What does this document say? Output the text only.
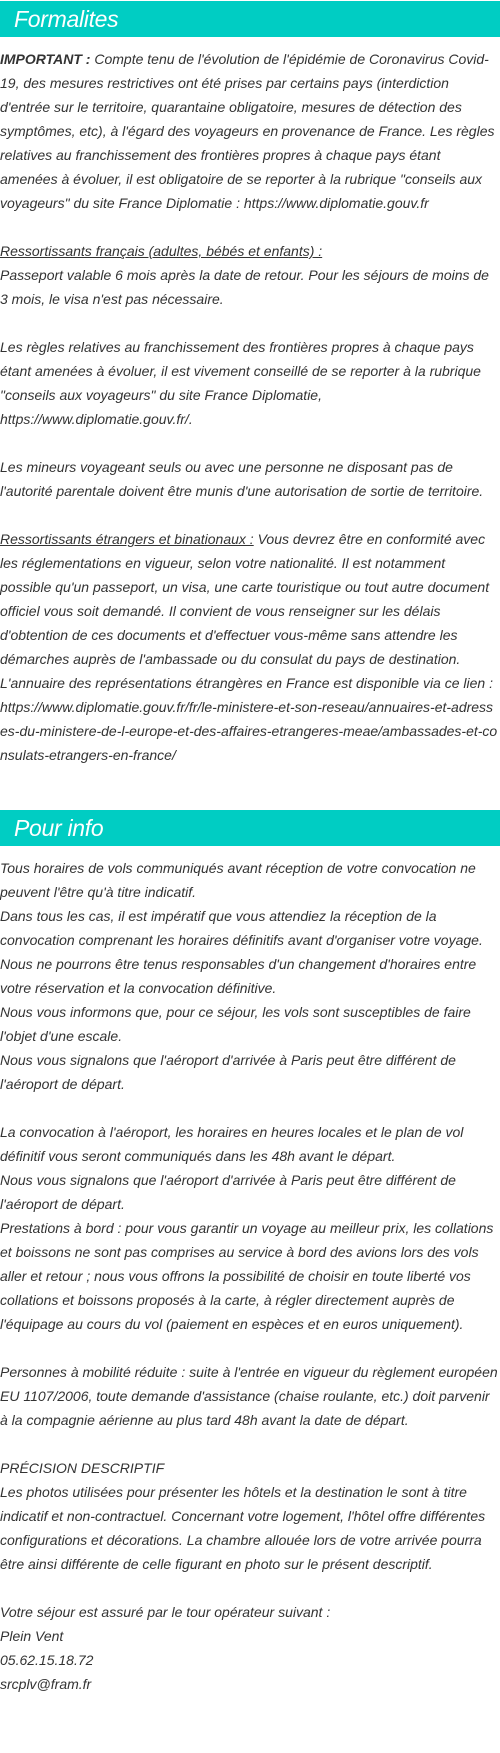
Formalites

IMPORTANT : Compte tenu de l'évolution de l'épidémie de Coronavirus Covid-19, des mesures restrictives ont été prises par certains pays (interdiction d'entrée sur le territoire, quarantaine obligatoire, mesures de détection des symptômes, etc), à l'égard des voyageurs en provenance de France. Les règles relatives au franchissement des frontières propres à chaque pays étant amenées à évoluer, il est obligatoire de se reporter à la rubrique "conseils aux voyageurs" du site France Diplomatie : https://www.diplomatie.gouv.fr

Ressortissants français (adultes, bébés et enfants) :
Passeport valable 6 mois après la date de retour. Pour les séjours de moins de 3 mois, le visa n'est pas nécessaire.

Les règles relatives au franchissement des frontières propres à chaque pays étant amenées à évoluer, il est vivement conseillé de se reporter à la rubrique "conseils aux voyageurs" du site France Diplomatie, https://www.diplomatie.gouv.fr/.

Les mineurs voyageant seuls ou avec une personne ne disposant pas de l'autorité parentale doivent être munis d'une autorisation de sortie de territoire.

Ressortissants étrangers et binationaux : Vous devrez être en conformité avec les réglementations en vigueur, selon votre nationalité. Il est notamment possible qu'un passeport, un visa, une carte touristique ou tout autre document officiel vous soit demandé. Il convient de vous renseigner sur les délais d'obtention de ces documents et d'effectuer vous-même sans attendre les démarches auprès de l'ambassade ou du consulat du pays de destination. L'annuaire des représentations étrangères en France est disponible via ce lien : https://www.diplomatie.gouv.fr/fr/le-ministere-et-son-reseau/annuaires-et-adresses-du-ministere-de-l-europe-et-des-affaires-etrangeres-meae/ambassades-et-consulats-etrangers-en-france/

Pour info

Tous horaires de vols communiqués avant réception de votre convocation ne peuvent l'être qu'à titre indicatif.
Dans tous les cas, il est impératif que vous attendiez la réception de la convocation comprenant les horaires définitifs avant d'organiser votre voyage.
Nous ne pourrons être tenus responsables d'un changement d'horaires entre votre réservation et la convocation définitive.
Nous vous informons que, pour ce séjour, les vols sont susceptibles de faire l'objet d'une escale.
Nous vous signalons que l'aéroport d'arrivée à Paris peut être différent de l'aéroport de départ.

La convocation à l'aéroport, les horaires en heures locales et le plan de vol définitif vous seront communiqués dans les 48h avant le départ.
Nous vous signalons que l'aéroport d'arrivée à Paris peut être différent de l'aéroport de départ.
Prestations à bord : pour vous garantir un voyage au meilleur prix, les collations et boissons ne sont pas comprises au service à bord des avions lors des vols aller et retour ; nous vous offrons la possibilité de choisir en toute liberté vos collations et boissons proposés à la carte, à régler directement auprès de l'équipage au cours du vol (paiement en espèces et en euros uniquement).

Personnes à mobilité réduite : suite à l'entrée en vigueur du règlement européen EU 1107/2006, toute demande d'assistance (chaise roulante, etc.) doit parvenir à la compagnie aérienne au plus tard 48h avant la date de départ.

PRÉCISION DESCRIPTIF
Les photos utilisées pour présenter les hôtels et la destination le sont à titre indicatif et non-contractuel. Concernant votre logement, l'hôtel offre différentes configurations et décorations. La chambre allouée lors de votre arrivée pourra être ainsi différente de celle figurant en photo sur le présent descriptif.

Votre séjour est assuré par le tour opérateur suivant :
Plein Vent
05.62.15.18.72
srcplv@fram.fr
